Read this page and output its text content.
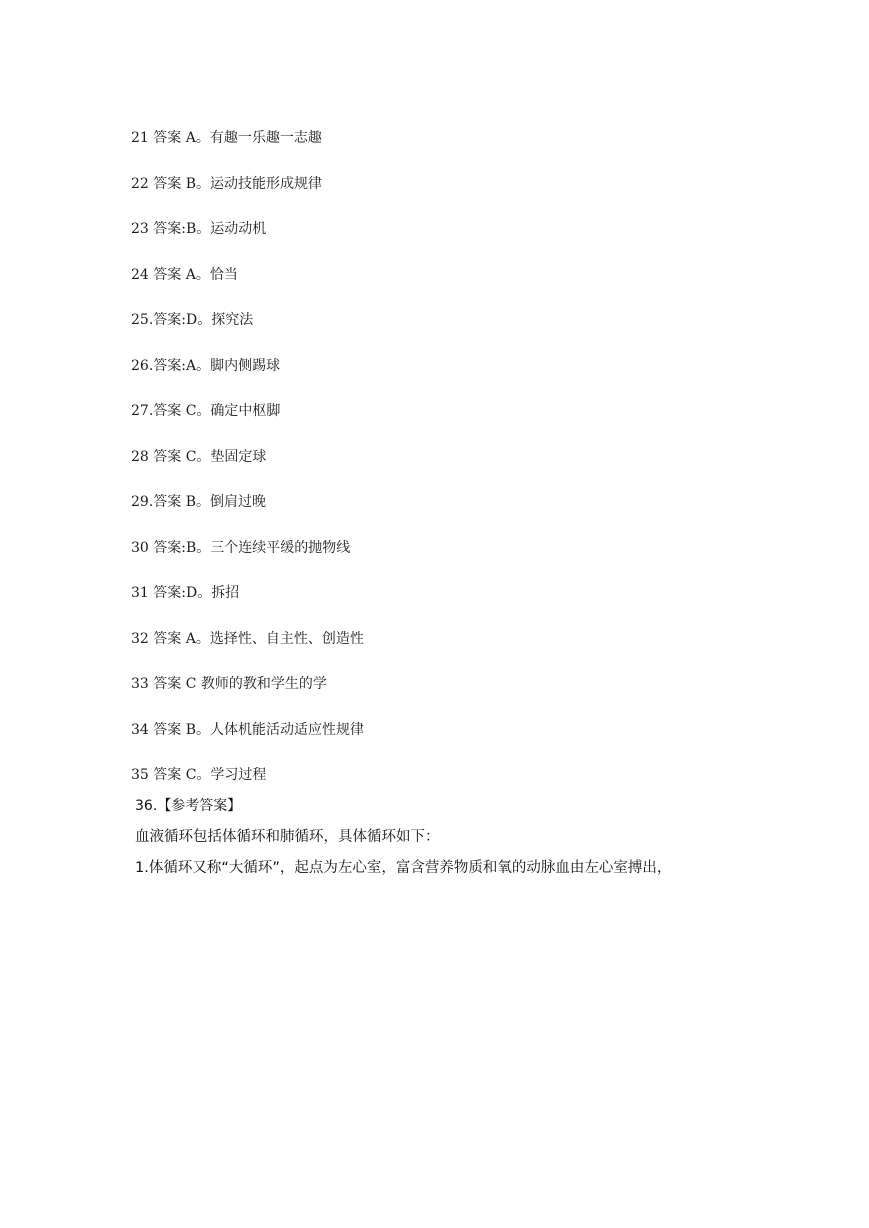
21 答案 A。有趣一乐趣一志趣
22 答案 B。运动技能形成规律
23 答案:B。运动动机
24 答案 A。恰当
25.答案:D。探究法
26.答案:A。脚内侧踢球
27.答案 C。确定中枢脚
28 答案 C。垫固定球
29.答案 B。倒肩过晚
30 答案:B。三个连续平缓的抛物线
31 答案:D。拆招
32 答案 A。选择性、自主性、创造性
33 答案 C 教师的教和学生的学
34 答案 B。人体机能活动适应性规律
35 答案 C。学习过程
36.【参考答案】
血液循环包括体循环和肺循环，具体循环如下：
1.体循环又称“大循环”，起点为左心室，富含营养物质和氧的动脉血由左心室搏出，
